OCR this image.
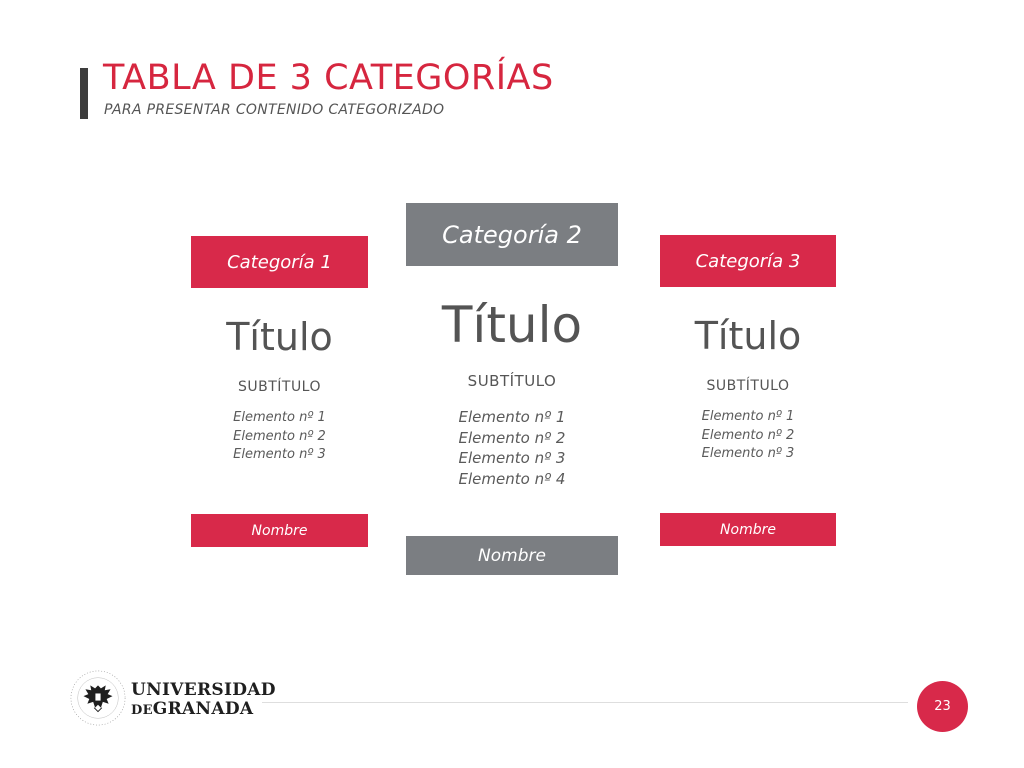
TABLA DE 3 CATEGORÍAS

PARA PRESENTAR CONTENIDO CATEGORIZADO

Categoría 1
Título
SUBTÍTULO
Elemento nº 1
Elemento nº 2
Elemento nº 3
Categoría 2
Título
SUBTÍTULO
Elemento nº 1
Elemento nº 2
Elemento nº 3
Elemento nº 4
Categoría 3
Título
SUBTÍTULO
Elemento nº 1
Elemento nº 2
Elemento nº 3
Nombre
Nombre
Nombre
UNIVERSIDAD
DEGRANADA	23
